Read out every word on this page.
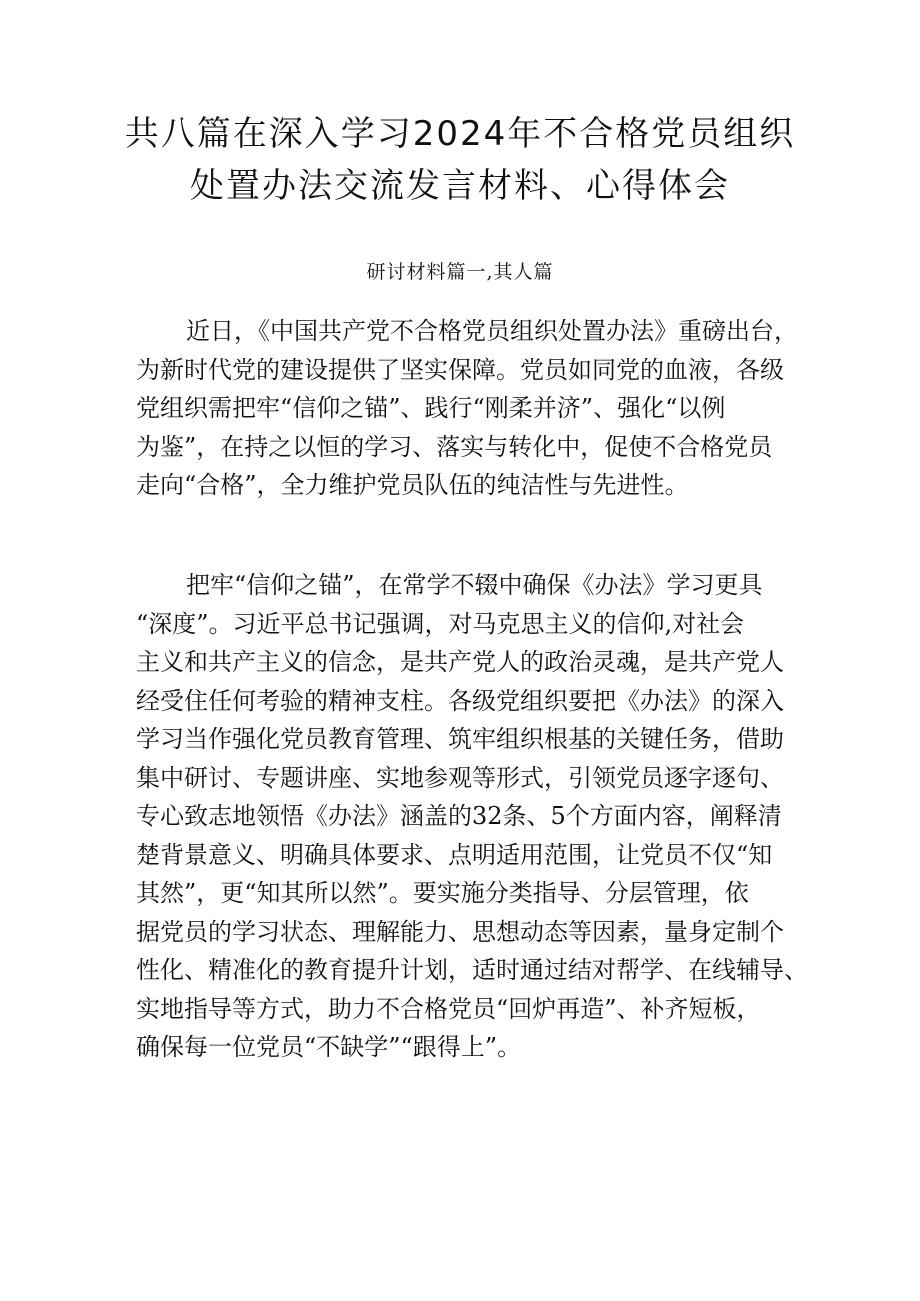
共八篇在深入学习2024年不合格党员组织
处置办法交流发言材料、心得体会
研讨材料篇一,其人篇
近日，《中国共产党不合格党员组织处置办法》重磅出台，
为新时代党的建设提供了坚实保障。党员如同党的血液，各级
党组织需把牢“信仰之锚”、践行“刚柔并济”、强化“以例
为鉴”，在持之以恒的学习、落实与转化中，促使不合格党员
走向“合格”，全力维护党员队伍的纯洁性与先进性。
把牢“信仰之锚”，在常学不辍中确保《办法》学习更具
“深度”。习近平总书记强调，对马克思主义的信仰,对社会
主义和共产主义的信念，是共产党人的政治灵魂，是共产党人
经受住任何考验的精神支柱。各级党组织要把《办法》的深入
学习当作强化党员教育管理、筑牢组织根基的关键任务，借助
集中研讨、专题讲座、实地参观等形式，引领党员逐字逐句、
专心致志地领悟《办法》涵盖的32条、5个方面内容，阐释清
楚背景意义、明确具体要求、点明适用范围，让党员不仅“知
其然”，更“知其所以然”。要实施分类指导、分层管理，依
据党员的学习状态、理解能力、思想动态等因素，量身定制个
性化、精准化的教育提升计划，适时通过结对帮学、在线辅导、
实地指导等方式，助力不合格党员“回炉再造”、补齐短板，
确保每一位党员“不缺学”“跟得上”。
